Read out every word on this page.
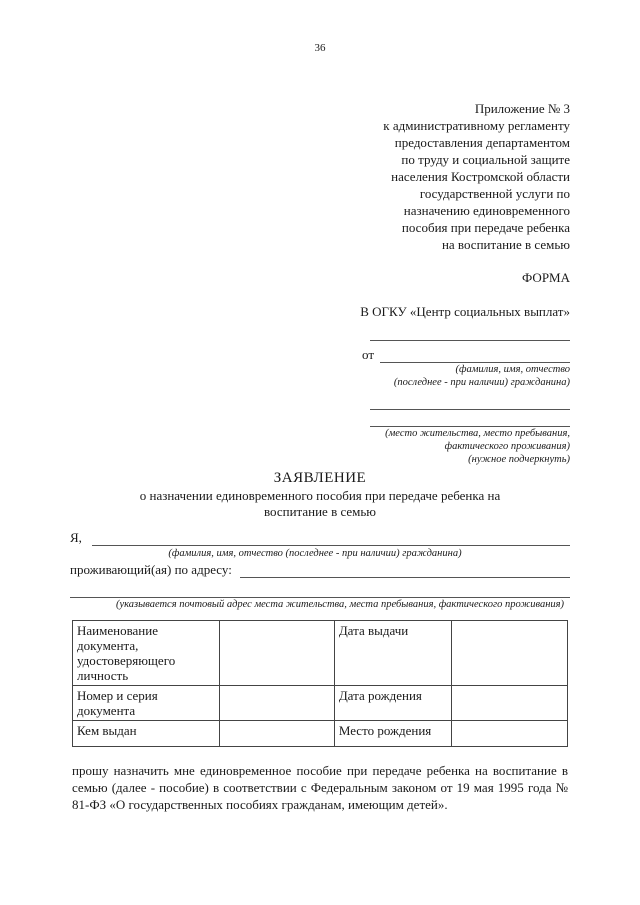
36
Приложение № 3
к административному регламенту
предоставления департаментом
по труду и социальной защите
населения Костромской области
государственной услуги по
назначению единовременного
пособия при передаче ребенка
на воспитание в семью
ФОРМА
В ОГКУ «Центр социальных выплат»
от
(фамилия, имя, отчество
(последнее - при наличии) гражданина)
(место жительства, место пребывания,
фактического проживания)
(нужное подчеркнуть)
ЗАЯВЛЕНИЕ
о назначении единовременного пособия при передаче ребенка на воспитание в семью
Я,
(фамилия, имя, отчество (последнее - при наличии) гражданина)
проживающий(ая) по адресу:
(указывается почтовый адрес места жительства, места пребывания, фактического проживания)
Наименование документа, удостоверяющего личность		Дата выдачи	
Номер и серия документа		Дата рождения	
Кем выдан		Место рождения	
прошу назначить мне единовременное пособие при передаче ребенка на воспитание в семью (далее - пособие) в соответствии с Федеральным законом от 19 мая 1995 года № 81-ФЗ «О государственных пособиях гражданам, имеющим детей».
